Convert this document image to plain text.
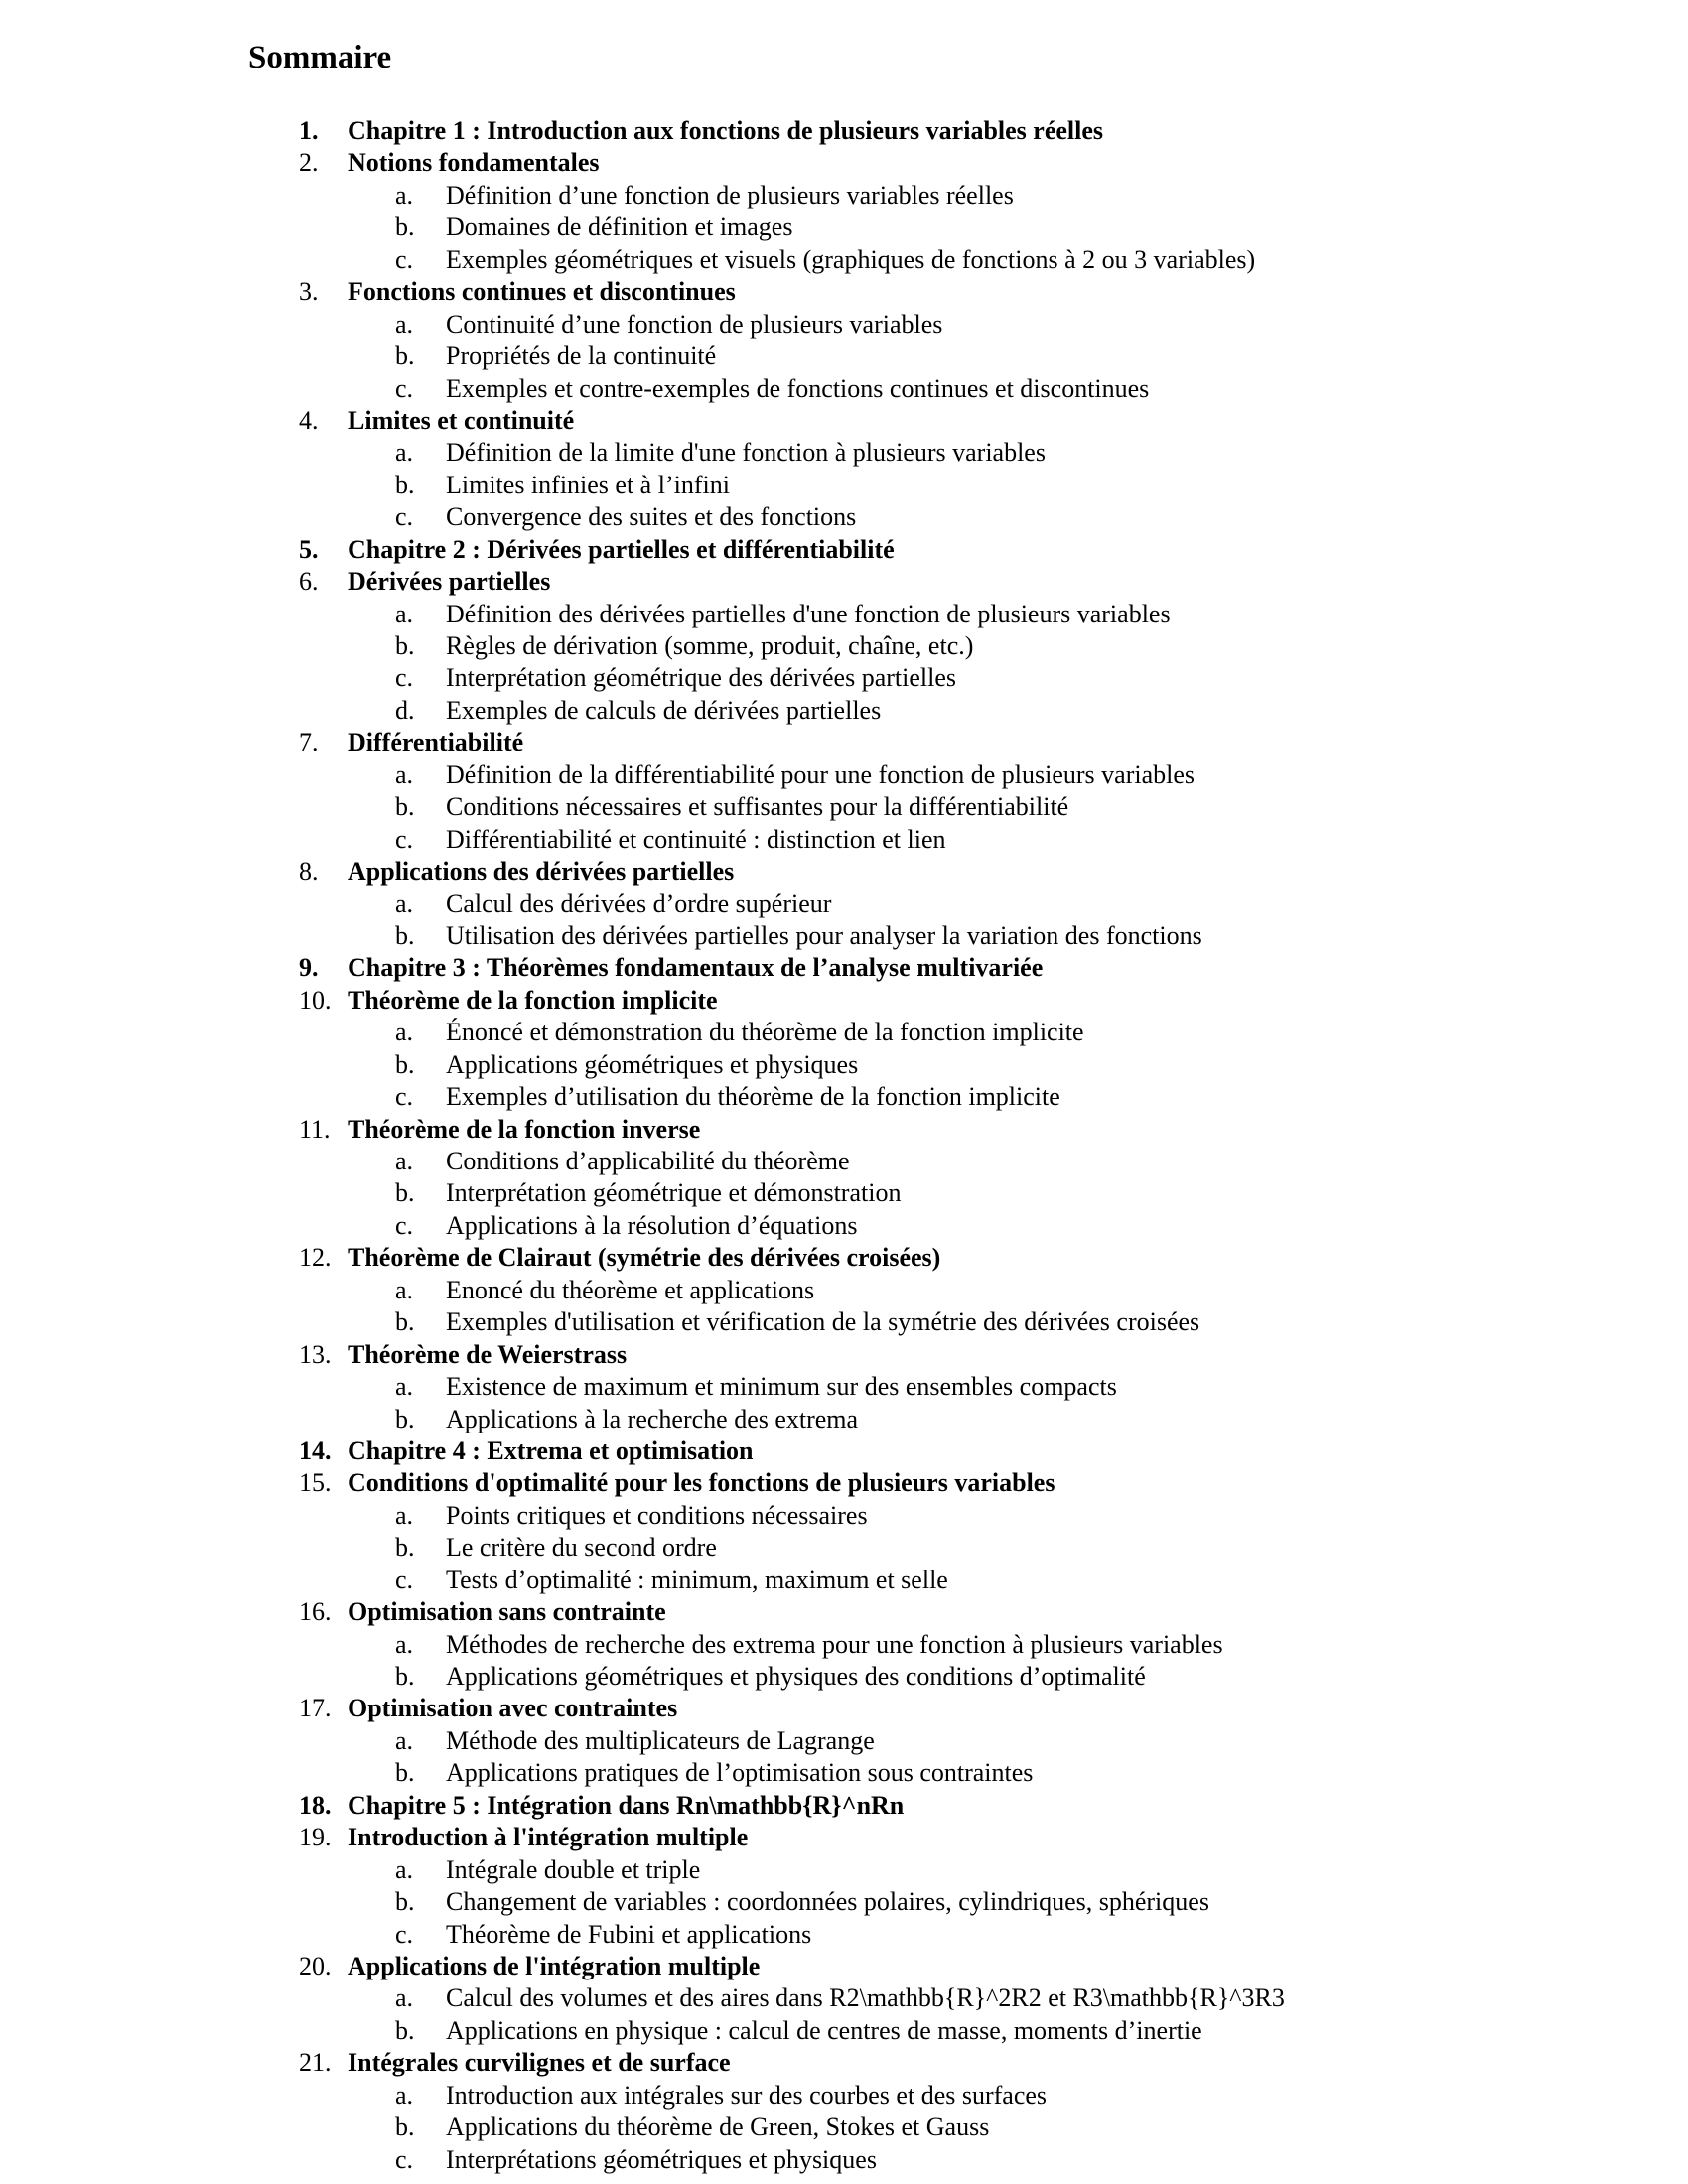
Sommaire
1. Chapitre 1 : Introduction aux fonctions de plusieurs variables réelles
2. Notions fondamentales
a. Définition d’une fonction de plusieurs variables réelles
b. Domaines de définition et images
c. Exemples géométriques et visuels (graphiques de fonctions à 2 ou 3 variables)
3. Fonctions continues et discontinues
a. Continuité d’une fonction de plusieurs variables
b. Propriétés de la continuité
c. Exemples et contre-exemples de fonctions continues et discontinues
4. Limites et continuité
a. Définition de la limite d'une fonction à plusieurs variables
b. Limites infinies et à l’infini
c. Convergence des suites et des fonctions
5. Chapitre 2 : Dérivées partielles et différentiabilité
6. Dérivées partielles
a. Définition des dérivées partielles d'une fonction de plusieurs variables
b. Règles de dérivation (somme, produit, chaîne, etc.)
c. Interprétation géométrique des dérivées partielles
d. Exemples de calculs de dérivées partielles
7. Différentiabilité
a. Définition de la différentiabilité pour une fonction de plusieurs variables
b. Conditions nécessaires et suffisantes pour la différentiabilité
c. Différentiabilité et continuité : distinction et lien
8. Applications des dérivées partielles
a. Calcul des dérivées d’ordre supérieur
b. Utilisation des dérivées partielles pour analyser la variation des fonctions
9. Chapitre 3 : Théorèmes fondamentaux de l’analyse multivariée
10. Théorème de la fonction implicite
a. Énoncé et démonstration du théorème de la fonction implicite
b. Applications géométriques et physiques
c. Exemples d’utilisation du théorème de la fonction implicite
11. Théorème de la fonction inverse
a. Conditions d’applicabilité du théorème
b. Interprétation géométrique et démonstration
c. Applications à la résolution d’équations
12. Théorème de Clairaut (symétrie des dérivées croisées)
a. Enoncé du théorème et applications
b. Exemples d'utilisation et vérification de la symétrie des dérivées croisées
13. Théorème de Weierstrass
a. Existence de maximum et minimum sur des ensembles compacts
b. Applications à la recherche des extrema
14. Chapitre 4 : Extrema et optimisation
15. Conditions d'optimalité pour les fonctions de plusieurs variables
a. Points critiques et conditions nécessaires
b. Le critère du second ordre
c. Tests d’optimalité : minimum, maximum et selle
16. Optimisation sans contrainte
a. Méthodes de recherche des extrema pour une fonction à plusieurs variables
b. Applications géométriques et physiques des conditions d’optimalité
17. Optimisation avec contraintes
a. Méthode des multiplicateurs de Lagrange
b. Applications pratiques de l’optimisation sous contraintes
18. Chapitre 5 : Intégration dans Rn\mathbb{R}^nRn
19. Introduction à l'intégration multiple
a. Intégrale double et triple
b. Changement de variables : coordonnées polaires, cylindriques, sphériques
c. Théorème de Fubini et applications
20. Applications de l'intégration multiple
a. Calcul des volumes et des aires dans R2\mathbb{R}^2R2 et R3\mathbb{R}^3R3
b. Applications en physique : calcul de centres de masse, moments d’inertie
21. Intégrales curvilignes et de surface
a. Introduction aux intégrales sur des courbes et des surfaces
b. Applications du théorème de Green, Stokes et Gauss
c. Interprétations géométriques et physiques
